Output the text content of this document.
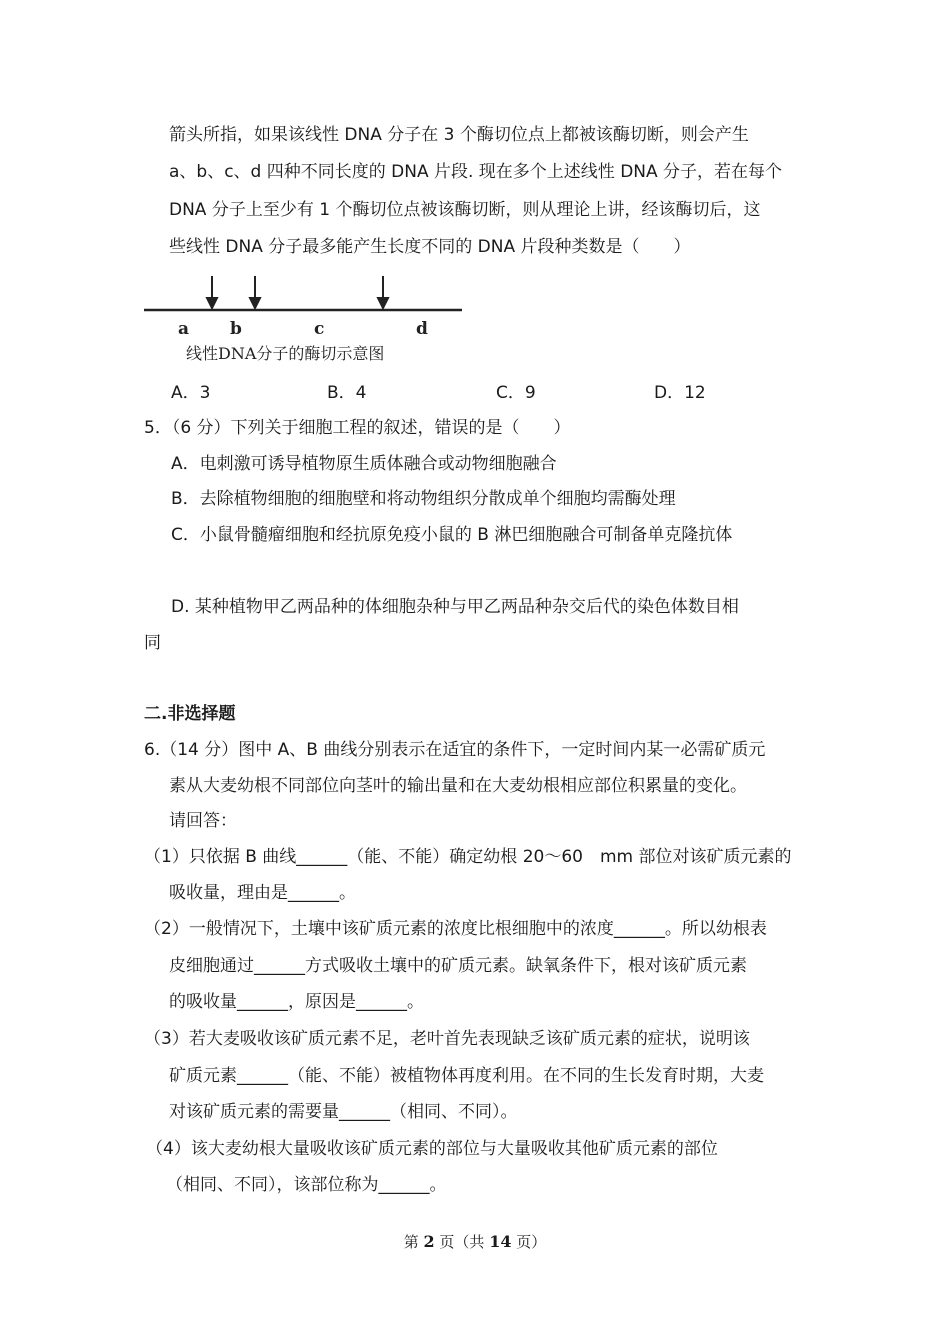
箭头所指，如果该线性 DNA 分子在 3 个酶切位点上都被该酶切断，则会产生
a、b、c、d 四种不同长度的 DNA 片段. 现在多个上述线性 DNA 分子，若在每个
DNA 分子上至少有 1 个酶切位点被该酶切断，则从理论上讲，经该酶切后，这
些线性 DNA 分子最多能产生长度不同的 DNA 片段种类数是（　　）
a b	c	d
线性DNA分子的酶切示意图
A．3	B．4	C．9	D．12
5．（6 分）下列关于细胞工程的叙述，错误的是（　　）
A．电刺激可诱导植物原生质体融合或动物细胞融合
B．去除植物细胞的细胞壁和将动物组织分散成单个细胞均需酶处理
C．小鼠骨髓瘤细胞和经抗原免疫小鼠的 B 淋巴细胞融合可制备单克隆抗体
D. 某种植物甲乙两品种的体细胞杂种与甲乙两品种杂交后代的染色体数目相
同
二.非选择题
6.（14 分）图中 A、B 曲线分别表示在适宜的条件下，一定时间内某一必需矿质元
素从大麦幼根不同部位向茎叶的输出量和在大麦幼根相应部位积累量的变化。
请回答：
（1）只依据 B 曲线______（能、不能）确定幼根 20～60　mm 部位对该矿质元素的
吸收量，理由是______。
（2）一般情况下，土壤中该矿质元素的浓度比根细胞中的浓度______。所以幼根表
皮细胞通过______方式吸收土壤中的矿质元素。缺氧条件下，根对该矿质元素
的吸收量______，原因是______。
（3）若大麦吸收该矿质元素不足，老叶首先表现缺乏该矿质元素的症状，说明该
矿质元素______（能、不能）被植物体再度利用。在不同的生长发育时期，大麦
对该矿质元素的需要量______（相同、不同）。
（4）该大麦幼根大量吸收该矿质元素的部位与大量吸收其他矿质元素的部位
（相同、不同），该部位称为______。
第 2 页（共 14 页）
